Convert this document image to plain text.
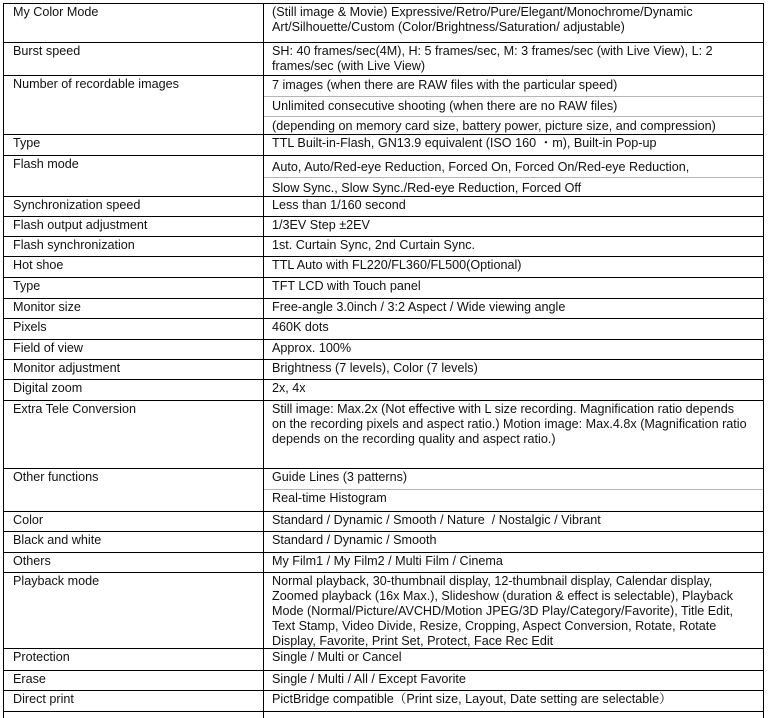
My Color Mode	(Still image & Movie) Expressive/Retro/Pure/Elegant/Monochrome/Dynamic Art/Silhouette/Custom (Color/Brightness/Saturation/ adjustable)
Burst speed	SH: 40 frames/sec(4M), H: 5 frames/sec, M: 3 frames/sec (with Live View), L: 2 frames/sec (with Live View)
Number of recordable images	7 images (when there are RAW files with the particular speed)
Unlimited consecutive shooting (when there are no RAW files)
(depending on memory card size, battery power, picture size, and compression)
Type	TTL Built-in-Flash, GN13.9 equivalent (ISO 160 ・m), Built-in Pop-up
Flash mode	Auto, Auto/Red-eye Reduction, Forced On, Forced On/Red-eye Reduction,
Slow Sync., Slow Sync./Red-eye Reduction, Forced Off
Synchronization speed	Less than 1/160 second
Flash output adjustment	1/3EV Step ±2EV
Flash synchronization	1st. Curtain Sync, 2nd Curtain Sync.
Hot shoe	TTL Auto with FL220/FL360/FL500(Optional)
Type	TFT LCD with Touch panel
Monitor size	Free-angle 3.0inch / 3:2 Aspect / Wide viewing angle
Pixels	460K dots
Field of view	Approx. 100%
Monitor adjustment	Brightness (7 levels), Color (7 levels)
Digital zoom	2x, 4x
Extra Tele Conversion	Still image: Max.2x (Not effective with L size recording. Magnification ratio depends on the recording pixels and aspect ratio.) Motion image: Max.4.8x (Magnification ratio depends on the recording quality and aspect ratio.)
Other functions	Guide Lines (3 patterns)
Real-time Histogram
Color	Standard / Dynamic / Smooth / Nature  / Nostalgic / Vibrant
Black and white	Standard / Dynamic / Smooth
Others	My Film1 / My Film2 / Multi Film / Cinema
Playback mode	Normal playback, 30-thumbnail display, 12-thumbnail display, Calendar display, Zoomed playback (16x Max.), Slideshow (duration & effect is selectable), Playback Mode (Normal/Picture/AVCHD/Motion JPEG/3D Play/Category/Favorite), Title Edit, Text Stamp, Video Divide, Resize, Cropping, Aspect Conversion, Rotate, Rotate Display, Favorite, Print Set, Protect, Face Rec Edit
Protection	Single / Multi or Cancel
Erase	Single / Multi / All / Except Favorite
Direct print	PictBridge compatible（Print size, Layout, Date setting are selectable）
